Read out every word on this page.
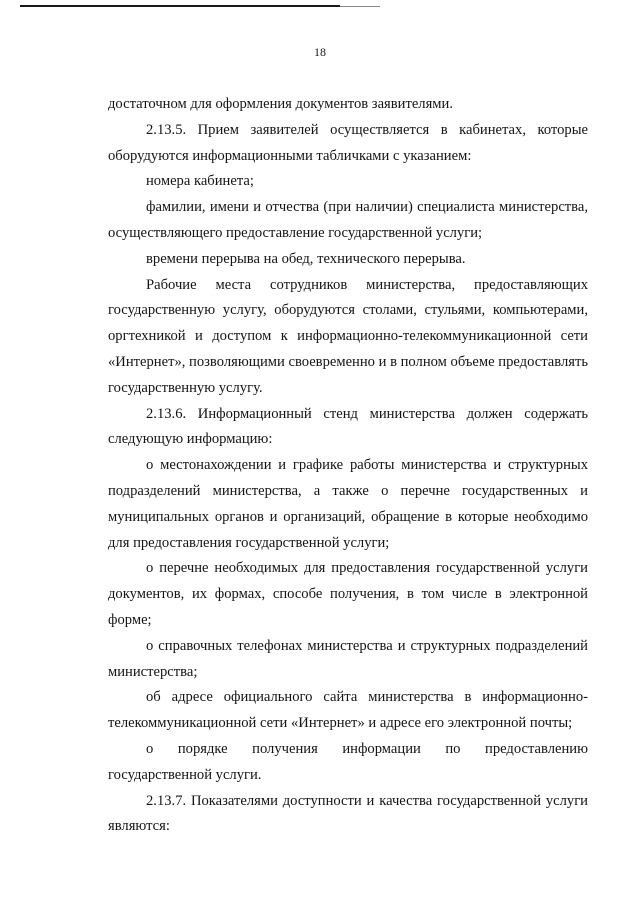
18

достаточном для оформления документов заявителями.

2.13.5. Прием заявителей осуществляется в кабинетах, которые оборудуются информационными табличками с указанием:

номера кабинета;

фамилии, имени и отчества (при наличии) специалиста министерства, осуществляющего предоставление государственной услуги;

времени перерыва на обед, технического перерыва.

Рабочие места сотрудников министерства, предоставляющих государственную услугу, оборудуются столами, стульями, компьютерами, оргтехникой и доступом к информационно-телекоммуникационной сети «Интернет», позволяющими своевременно и в полном объеме предоставлять государственную услугу.

2.13.6. Информационный стенд министерства должен содержать следующую информацию:

о местонахождении и графике работы министерства и структурных подразделений министерства, а также о перечне государственных и муниципальных органов и организаций, обращение в которые необходимо для предоставления государственной услуги;

о перечне необходимых для предоставления государственной услуги документов, их формах, способе получения, в том числе в электронной форме;

о справочных телефонах министерства и структурных подразделений министерства;

об адресе официального сайта министерства в информационно-телекоммуникационной сети «Интернет» и адресе его электронной почты;

о порядке получения информации по предоставлению государственной услуги.

2.13.7. Показателями доступности и качества государственной услуги являются:
